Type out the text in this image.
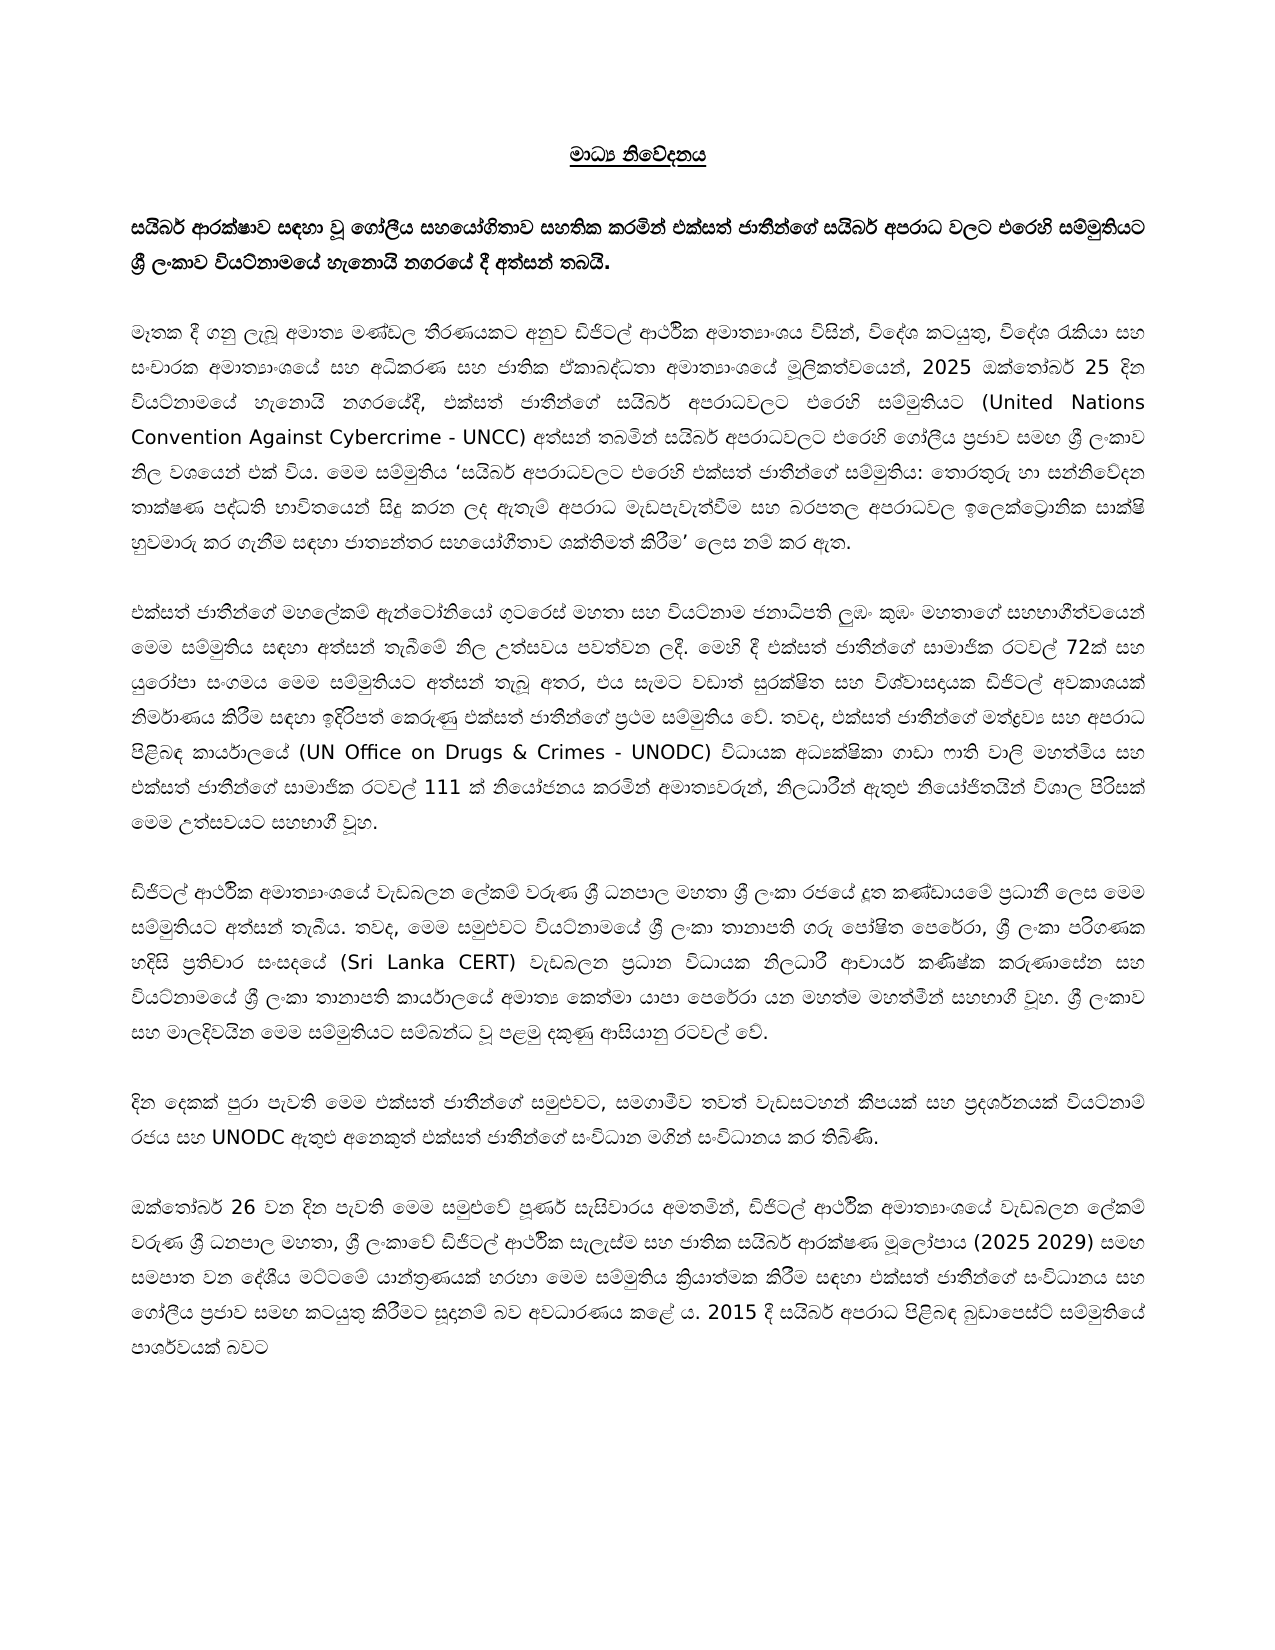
මාධ්‍ය නිවේදනය

සයිබර් ආරක්ෂාව සඳහා වූ ගෝලීය සහයෝගිතාව සහතික කරමින් එක්සත් ජාතීන්ගේ සයිබර් අපරාධ වලට එරෙහි සම්මුතියට ශ්‍රී ලංකාව වියට්නාමයේ හැනොයි නගරයේ දී අත්සන් තබයි.

මෑතක දී ගනු ලැබූ අමාත්‍ය මණ්ඩල තීරණයකට අනුව ඩිජිටල් ආර්ථික අමාත්‍යාංශය විසින්, විදේශ කටයුතු, විදේශ රැකියා සහ සංචාරක අමාත්‍යාංශයේ සහ අධිකරණ සහ ජාතික ඒකාබද්ධතා අමාත්‍යාංශයේ මූලිකත්වයෙන්, 2025 ඔක්තෝබර් 25 දින වියට්නාමයේ හැනොයි නගරයේදී, එක්සත් ජාතීන්ගේ සයිබර් අපරාධවලට එරෙහි සම්මුතියට (United Nations Convention Against Cybercrime - UNCC) අත්සන් තබමින් සයිබර් අපරාධවලට එරෙහි ගෝලීය ප්‍රජාව සමඟ ශ්‍රී ලංකාව නිල වශයෙන් එක් විය. මෙම සම්මුතිය ‘සයිබර් අපරාධවලට එරෙහි එක්සත් ජාතීන්ගේ සම්මුතිය: තොරතුරු හා සන්නිවේදන තාක්ෂණ පද්ධති භාවිතයෙන් සිදු කරන ලද ඇතැම් අපරාධ මැඩපැවැත්වීම සහ බරපතල අපරාධවල ඉලෙක්ට්‍රොනික සාක්ෂි හුවමාරු කර ගැනීම සඳහා ජාත්‍යන්තර සහයෝගීතාව ශක්තිමත් කිරීම’ ලෙස නම් කර ඇත.

එක්සත් ජාතීන්ගේ මහලේකම් ඇන්ටෝනියෝ ගුටරෙස් මහතා සහ වියට්නාම ජනාධිපති ලුඹං කුඹං මහතාගේ සහභාගීත්වයෙන් මෙම සම්මුතිය සඳහා අත්සන් තැබීමේ නිල උත්සවය පවත්වන ලදී. මෙහි දී එක්සත් ජාතීන්ගේ සාමාජික රටවල් 72ක් සහ යුරෝපා සංගමය මෙම සම්මුතියට අත්සන් තැබූ අතර, එය සැමට වඩාත් සුරක්ෂිත සහ විශ්වාසදායක ඩිජිටල් අවකාශයක් නිර්මාණය කිරීම සඳහා ඉදිරිපත් කෙරුණු එක්සත් ජාතීන්ගේ ප්‍රථම සම්මුතිය වේ. තවද, එක්සත් ජාතීන්ගේ මත්ද්‍රව්‍ය සහ අපරාධ පිළිබඳ කාර්යාලයේ (UN Office on Drugs & Crimes - UNODC) විධායක අධ්‍යක්ෂිකා ගාඩා ෆාති වාලි මහත්මිය සහ එක්සත් ජාතීන්ගේ සාමාජික රටවල් 111 ක් නියෝජනය කරමින් අමාත්‍යවරුන්, නිලධාරීන් ඇතුළු නියෝජිතයින් විශාල පිරිසක් මෙම උත්සවයට සහභාගී වූහ.

ඩිජිටල් ආර්ථික අමාත්‍යාංශයේ වැඩබලන ලේකම් වරුණ ශ්‍රී ධනපාල මහතා ශ්‍රී ලංකා රජයේ දූත කණ්ඩායමේ ප්‍රධානී ලෙස මෙම සම්මුතියට අත්සන් තැබීය. තවද, මෙම සමුළුවට වියට්නාමයේ ශ්‍රී ලංකා තානාපති ගරු පෝෂිත පෙරේරා, ශ්‍රී ලංකා පරිගණක හදිසි ප්‍රතිචාර සංසදයේ (Sri Lanka CERT) වැඩබලන ප්‍රධාන විධායක නිලධාරී ආචාර්ය කණිෂ්ක කරුණාසේන සහ වියට්නාමයේ ශ්‍රී ලංකා තානාපති කාර්යාලයේ අමාත්‍ය කෙත්මා යාපා පෙරේරා යන මහත්ම මහත්මීන් සහභාගී වූහ. ශ්‍රී ලංකාව සහ මාලදිවයින මෙම සම්මුතියට සම්බන්ධ වූ පළමු දකුණු ආසියානු රටවල් වේ.

දින දෙකක් පුරා පැවති මෙම එක්සත් ජාතීන්ගේ සමුළුවට, සමගාමීව තවත් වැඩසටහන් කීපයක් සහ ප්‍රදර්ශනයක් වියට්නාම් රජය සහ UNODC ඇතුළු අනෙකුත් එක්සත් ජාතීන්ගේ සංවිධාන මගින් සංවිධානය කර තිබිණි.

ඔක්තෝබර් 26 වන දින පැවති මෙම සමුළුවේ පූර්ණ සැසිවාරය අමතමින්, ඩිජිටල් ආර්ථික අමාත්‍යාංශයේ වැඩබලන ලේකම් වරුණ ශ්‍රී ධනපාල මහතා, ශ්‍රී ලංකාවේ ඩිජිටල් ආර්ථික සැලැස්ම සහ ජාතික සයිබර් ආරක්ෂණ මූලෝපාය (2025 2029) සමඟ සමපාත වන දේශීය මට්ටමේ යාන්ත්‍රණයක් හරහා මෙම සම්මුතිය ක්‍රියාත්මක කිරීම සඳහා එක්සත් ජාතීන්ගේ සංවිධානය සහ ගෝලීය ප්‍රජාව සමඟ කටයුතු කිරීමට සූදානම් බව අවධාරණය කළේ ය. 2015 දී සයිබර් අපරාධ පිළිබඳ බුඩාපෙස්ට් සම්මුතියේ පාර්ශවයක් බවට
